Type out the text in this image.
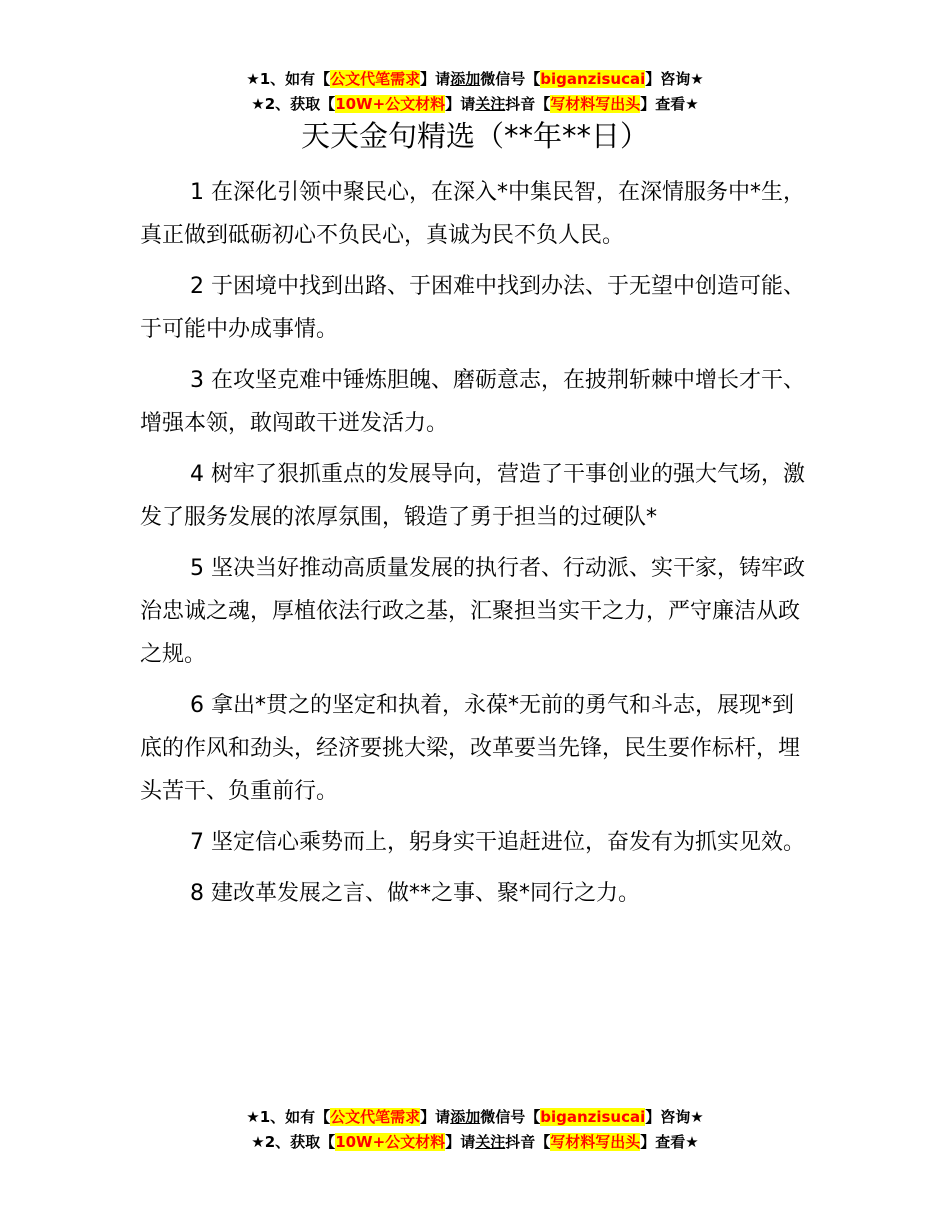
★1、如有【公文代笔需求】请添加微信号【biganzisucai】咨询★
★2、获取【10W+公文材料】请关注抖音【写材料写出头】查看★
天天金句精选（**年**日）

1 在深化引领中聚民心，在深入*中集民智，在深情服务中*生，真正做到砥砺初心不负民心，真诚为民不负人民。

2 于困境中找到出路、于困难中找到办法、于无望中创造可能、于可能中办成事情。

3 在攻坚克难中锤炼胆魄、磨砺意志，在披荆斩棘中增长才干、增强本领，敢闯敢干迸发活力。

4 树牢了狠抓重点的发展导向，营造了干事创业的强大气场，激发了服务发展的浓厚氛围，锻造了勇于担当的过硬队*

5 坚决当好推动高质量发展的执行者、行动派、实干家，铸牢政治忠诚之魂，厚植依法行政之基，汇聚担当实干之力，严守廉洁从政之规。

6 拿出*贯之的坚定和执着，永葆*无前的勇气和斗志，展现*到底的作风和劲头，经济要挑大梁，改革要当先锋，民生要作标杆，埋头苦干、负重前行。

7 坚定信心乘势而上，躬身实干追赶进位，奋发有为抓实见效。

8 建改革发展之言、做**之事、聚*同行之力。

★1、如有【公文代笔需求】请添加微信号【biganzisucai】咨询★
★2、获取【10W+公文材料】请关注抖音【写材料写出头】查看★
